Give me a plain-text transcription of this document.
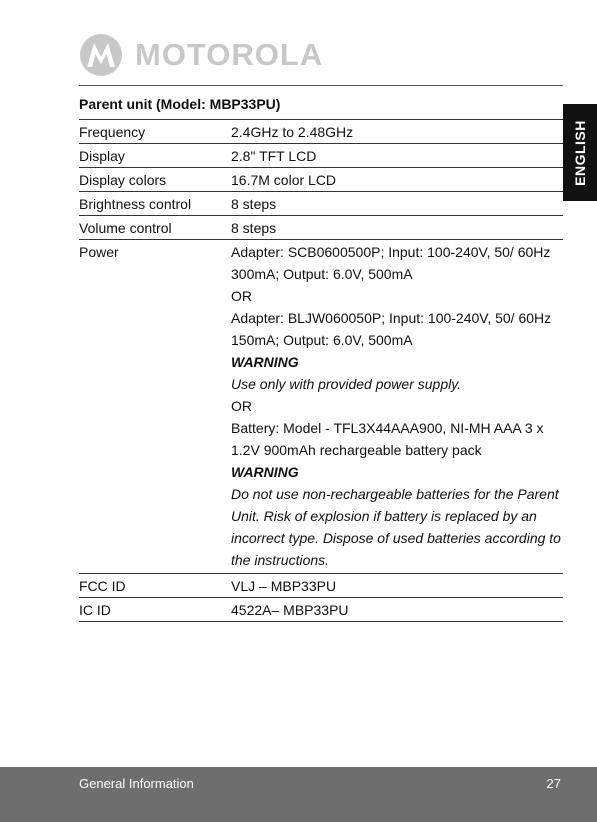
MOTOROLA
ENGLISH
Parent unit (Model: MBP33PU)
Frequency	2.4GHz to 2.48GHz
Display	2.8" TFT LCD
Display colors	16.7M color LCD
Brightness control	8 steps
Volume control	8 steps
Power	Adapter: SCB0600500P; Input: 100-240V, 50/ 60Hz 300mA; Output: 6.0V, 500mA
OR
Adapter: BLJW060050P; Input: 100-240V, 50/ 60Hz 150mA; Output: 6.0V, 500mA
WARNING
Use only with provided power supply.
OR
Battery: Model - TFL3X44AAA900, NI-MH AAA 3 x 1.2V 900mAh rechargeable battery pack
WARNING
Do not use non-rechargeable batteries for the Parent Unit. Risk of explosion if battery is replaced by an incorrect type. Dispose of used batteries according to the instructions.
FCC ID	VLJ – MBP33PU
IC ID	4522A– MBP33PU
General Information	27
